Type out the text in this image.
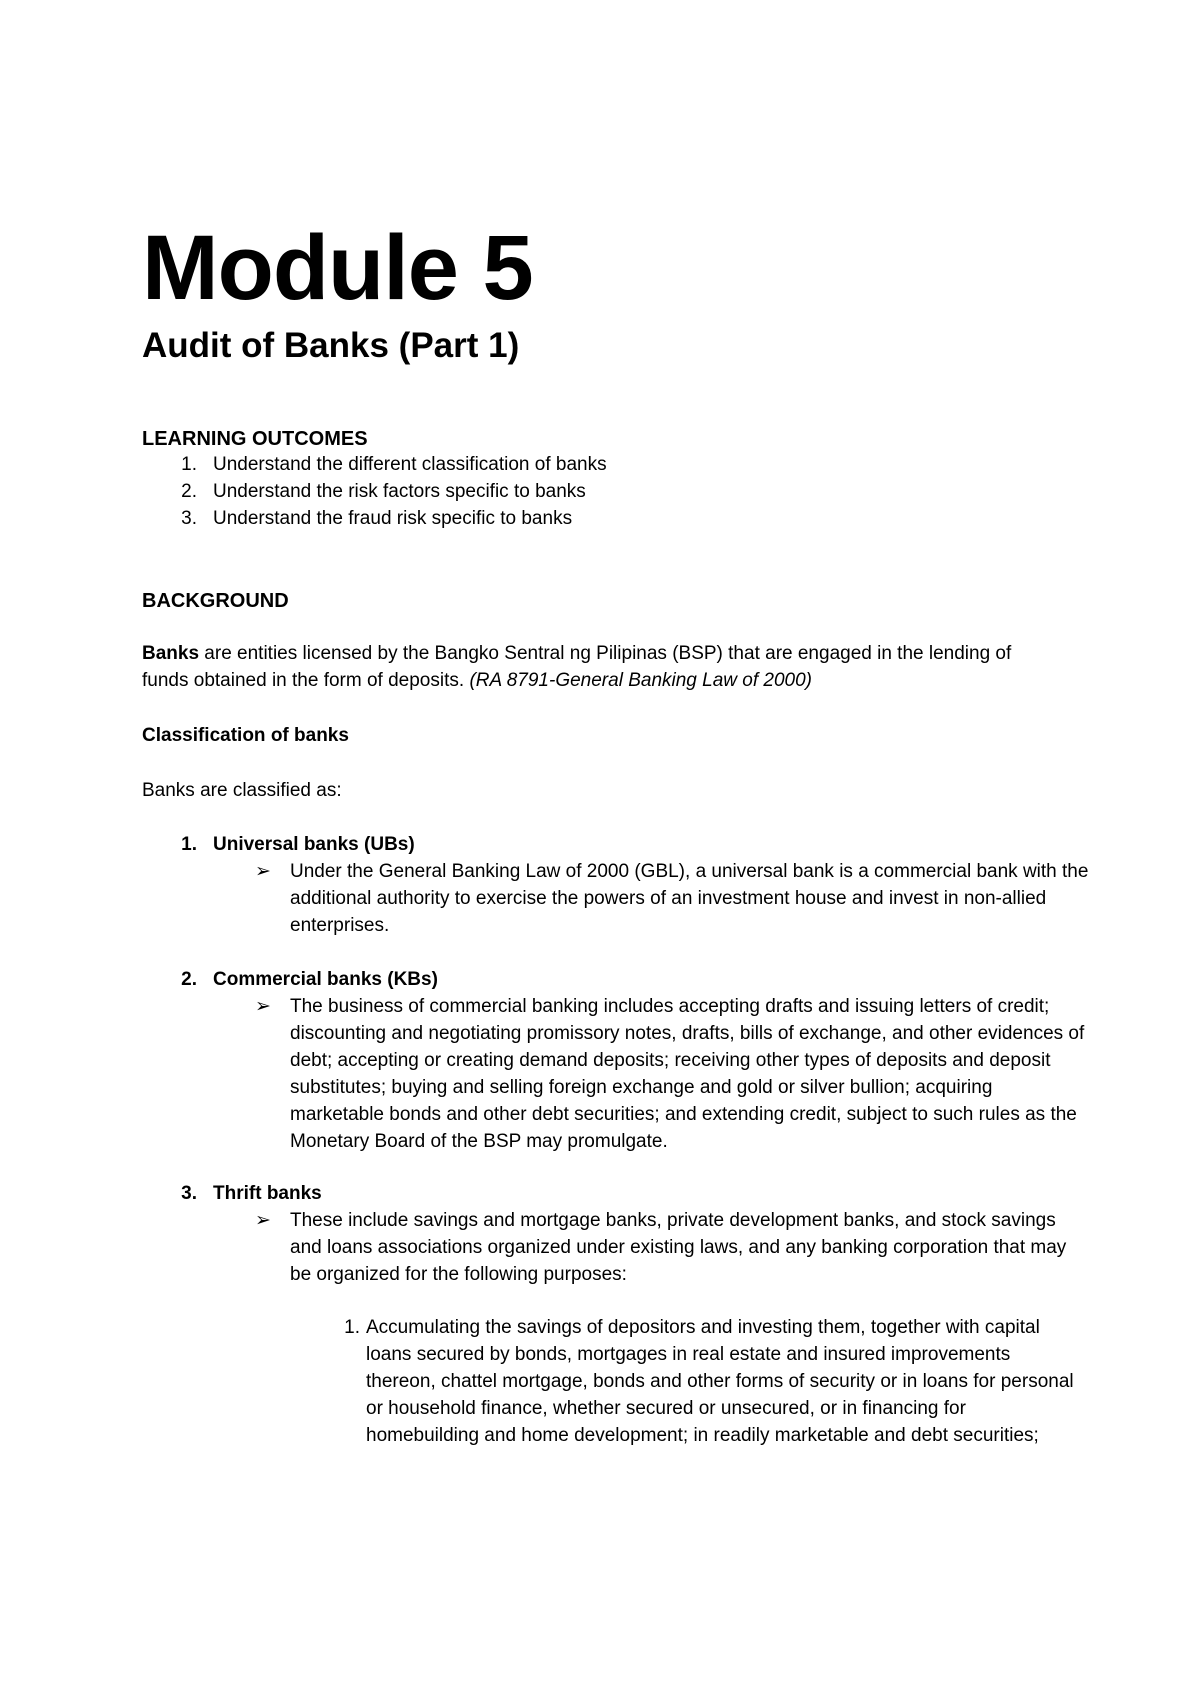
Module 5
Audit of Banks (Part 1)
LEARNING OUTCOMES
1. Understand the different classification of banks
2. Understand the risk factors specific to banks
3. Understand the fraud risk specific to banks
BACKGROUND
Banks are entities licensed by the Bangko Sentral ng Pilipinas (BSP) that are engaged in the lending of funds obtained in the form of deposits. (RA 8791-General Banking Law of 2000)
Classification of banks
Banks are classified as:
1. Universal banks (UBs)
➢ Under the General Banking Law of 2000 (GBL), a universal bank is a commercial bank with the additional authority to exercise the powers of an investment house and invest in non-allied enterprises.
2. Commercial banks (KBs)
➢ The business of commercial banking includes accepting drafts and issuing letters of credit; discounting and negotiating promissory notes, drafts, bills of exchange, and other evidences of debt; accepting or creating demand deposits; receiving other types of deposits and deposit substitutes; buying and selling foreign exchange and gold or silver bullion; acquiring marketable bonds and other debt securities; and extending credit, subject to such rules as the Monetary Board of the BSP may promulgate.
3. Thrift banks
➢ These include savings and mortgage banks, private development banks, and stock savings and loans associations organized under existing laws, and any banking corporation that may be organized for the following purposes:
1. Accumulating the savings of depositors and investing them, together with capital loans secured by bonds, mortgages in real estate and insured improvements thereon, chattel mortgage, bonds and other forms of security or in loans for personal or household finance, whether secured or unsecured, or in financing for homebuilding and home development; in readily marketable and debt securities;
